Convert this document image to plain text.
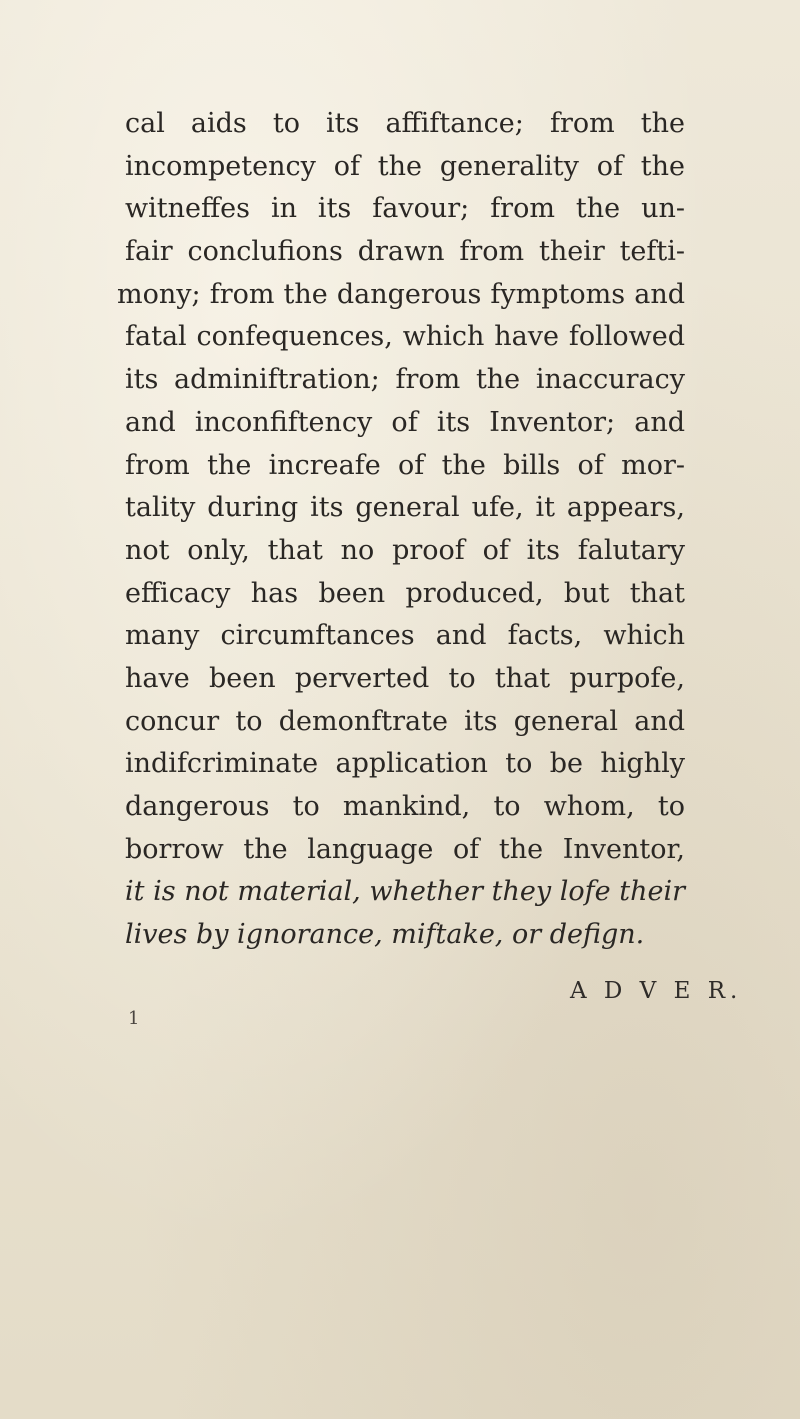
cal aids to its affiftance; from the
incompetency of the generality of the
witneffes in its favour; from the un-
fair conclufions drawn from their tefti-
mony; from the dangerous fymptoms and
fatal confequences, which have followed
its adminiftration; from the inaccuracy
and inconfiftency of its Inventor; and
from the increafe of the bills of mor-
tality during its general ufe, it appears,
not only, that no proof of its falutary
efficacy has been produced, but that
many circumftances and facts, which
have been perverted to that purpofe,
concur to demonftrate its general and
indifcriminate application to be highly
dangerous to mankind, to whom, to
borrow the language of the Inventor,
it is not material, whether they lofe their
lives by ignorance, miftake, or defign.
A D V E R.
1
